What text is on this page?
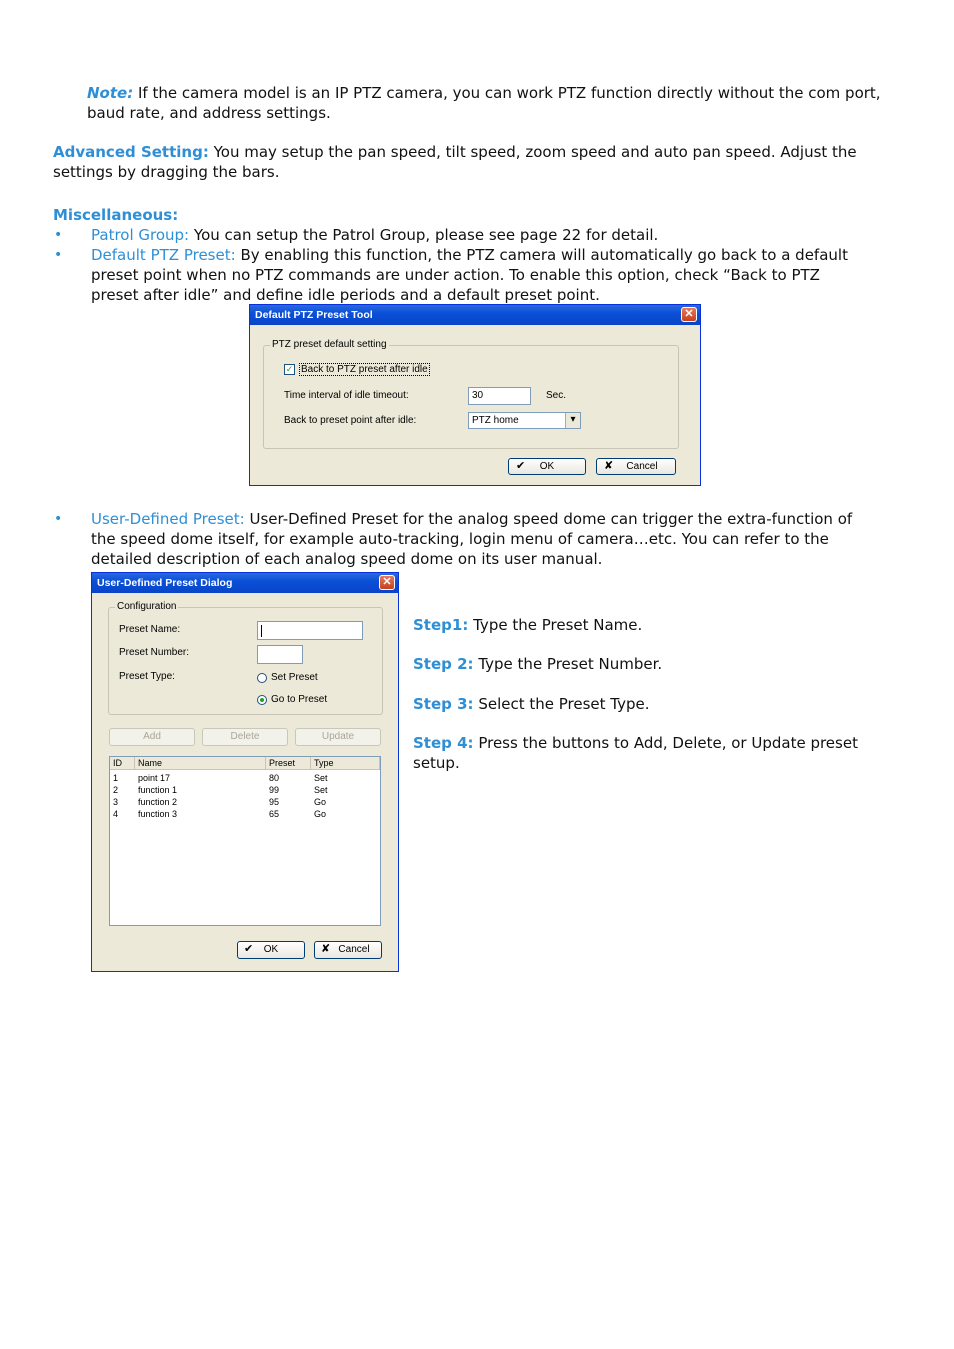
Note: If the camera model is an IP PTZ camera, you can work PTZ function directly without the com port,
baud rate, and address settings.
Advanced Setting: You may setup the pan speed, tilt speed, zoom speed and auto pan speed. Adjust the
settings by dragging the bars.
Miscellaneous:
• Patrol Group: You can setup the Patrol Group, please see page 22 for detail.
• Default PTZ Preset: By enabling this function, the PTZ camera will automatically go back to a default
preset point when no PTZ commands are under action. To enable this option, check “Back to PTZ
preset after idle” and define idle periods and a default preset point.
Default PTZ Preset Tool	✕
PTZ preset default setting
✓ Back to PTZ preset after idle
Time interval of idle timeout:	30	Sec.
Back to preset point after idle:	PTZ home	▾
✔ OK	✘ Cancel
• User-Defined Preset: User-Defined Preset for the analog speed dome can trigger the extra-function of
the speed dome itself, for example auto-tracking, login menu of camera…etc. You can refer to the
detailed description of each analog speed dome on its user manual.
User-Defined Preset Dialog	✕
Configuration
Preset Name:
Preset Number:
Preset Type:	Set Preset
Go to Preset
Add	Delete	Update
ID	Name	Preset	Type
1 point 17	80	Set
2 function 1	99	Set
3 function 2	95	Go
4 function 3	65	Go
✔ OK	✘ Cancel
Step1: Type the Preset Name.
Step 2: Type the Preset Number.
Step 3: Select the Preset Type.
Step 4: Press the buttons to Add, Delete, or Update preset
setup.
